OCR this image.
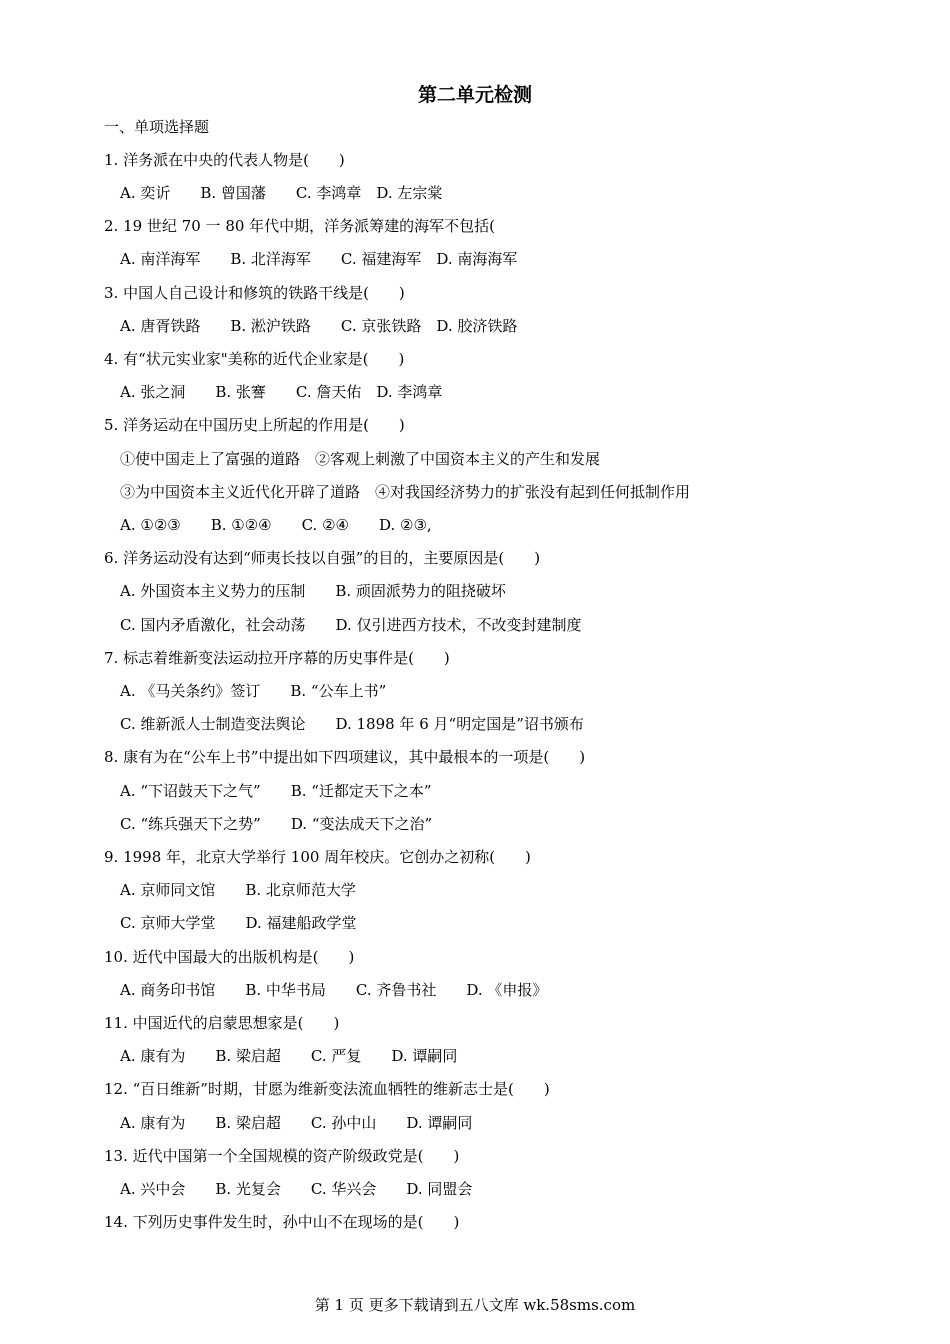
第二单元检测
一、单项选择题
1. 洋务派在中央的代表人物是(　　)
A. 奕䜣　　B. 曾国藩　　C. 李鸿章　D. 左宗棠
2. 19 世纪 70 一 80 年代中期，洋务派筹建的海军不包括(
A. 南洋海军　　B. 北洋海军　　C. 福建海军　D. 南海海军
3. 中国人自己设计和修筑的铁路干线是(　　)
A. 唐胥铁路　　B. 淞沪铁路　　C. 京张铁路　D. 胶济铁路
4. 有“状元实业家"美称的近代企业家是(　　)
A. 张之洞　　B. 张謇　　C. 詹天佑　D. 李鸿章
5. 洋务运动在中国历史上所起的作用是(　　)
①使中国走上了富强的道路　②客观上刺激了中国资本主义的产生和发展
③为中国资本主义近代化开辟了道路　④对我国经济势力的扩张没有起到任何抵制作用
A. ①②③　　B. ①②④　　C. ②④　　D. ②③,
6. 洋务运动没有达到“师夷长技以自强”的目的，主要原因是(　　)
A. 外国资本主义势力的压制　　B. 顽固派势力的阻挠破坏
C. 国内矛盾激化，社会动荡　　D. 仅引进西方技术，不改变封建制度
7. 标志着维新变法运动拉开序幕的历史事件是(　　)
A. 《马关条约》签订　　B. “公车上书”
C. 维新派人士制造变法舆论　　D. 1898 年 6 月“明定国是”诏书颁布
8. 康有为在“公车上书”中提出如下四项建议，其中最根本的一项是(　　)
A. “下诏鼓天下之气”　　B. “迁都定天下之本”
C. “练兵强天下之势”　　D. “变法成天下之治”
9. 1998 年，北京大学举行 100 周年校庆。它创办之初称(　　)
A. 京师同文馆　　B. 北京师范大学
C. 京师大学堂　　D. 福建船政学堂
10. 近代中国最大的出版机构是(　　)
A. 商务印书馆　　B. 中华书局　　C. 齐鲁书社　　D. 《申报》
11. 中国近代的启蒙思想家是(　　)
A. 康有为　　B. 梁启超　　C. 严复　　D. 谭嗣同
12. “百日维新”时期，甘愿为维新变法流血牺牲的维新志士是(　　)
A. 康有为　　B. 梁启超　　C. 孙中山　　D. 谭嗣同
13. 近代中国第一个全国规模的资产阶级政党是(　　)
A. 兴中会　　B. 光复会　　C. 华兴会　　D. 同盟会
14. 下列历史事件发生时，孙中山不在现场的是(　　)
第 1 页 更多下载请到五八文库 wk.58sms.com
